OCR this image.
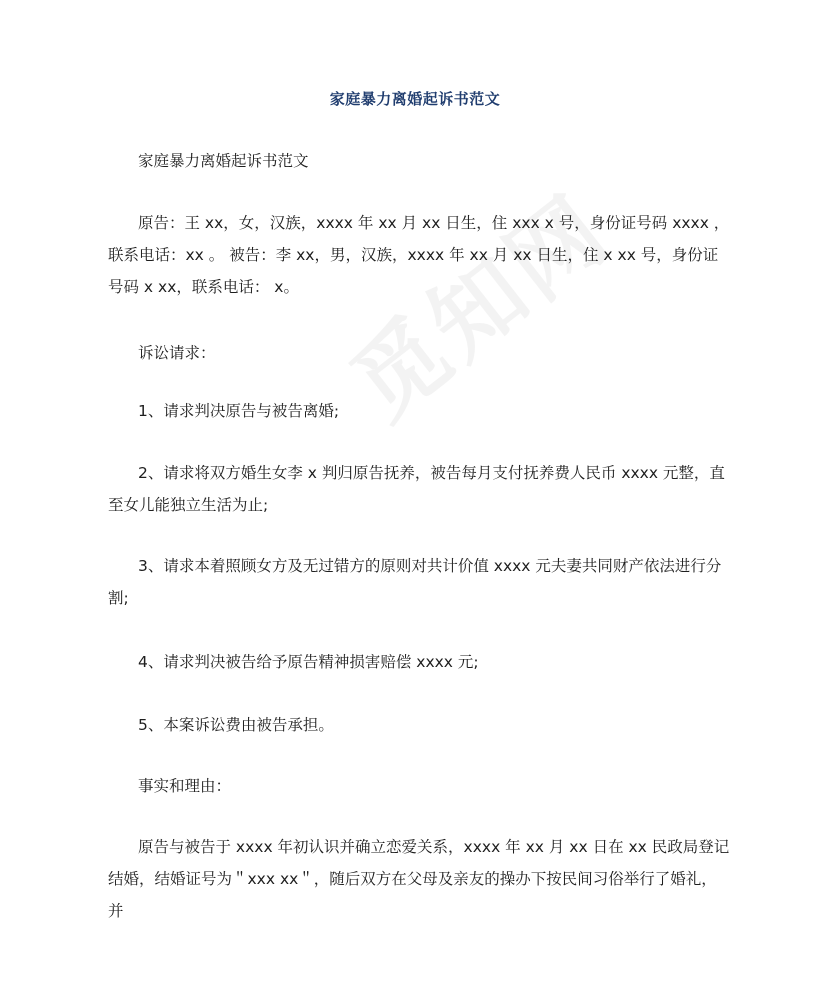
家庭暴力离婚起诉书范文

家庭暴力离婚起诉书范文

原告：王 xx，女，汉族，xxxx 年 xx 月 xx 日生，住 xxx x 号，身份证号码 xxxx ，联系电话：xx 。 被告：李 xx，男，汉族，xxxx 年 xx 月 xx 日生，住 x xx 号，身份证号码 x xx，联系电话： x。

诉讼请求：

1、请求判决原告与被告离婚;

2、请求将双方婚生女李 x 判归原告抚养，被告每月支付抚养费人民币 xxxx 元整，直至女儿能独立生活为止;

3、请求本着照顾女方及无过错方的原则对共计价值 xxxx 元夫妻共同财产依法进行分割;

4、请求判决被告给予原告精神损害赔偿 xxxx 元;

5、本案诉讼费由被告承担。

事实和理由：

原告与被告于 xxxx 年初认识并确立恋爱关系，xxxx 年 xx 月 xx 日在 xx 民政局登记结婚，结婚证号为＂xxx xx＂，随后双方在父母及亲友的操办下按民间习俗举行了婚礼，并
